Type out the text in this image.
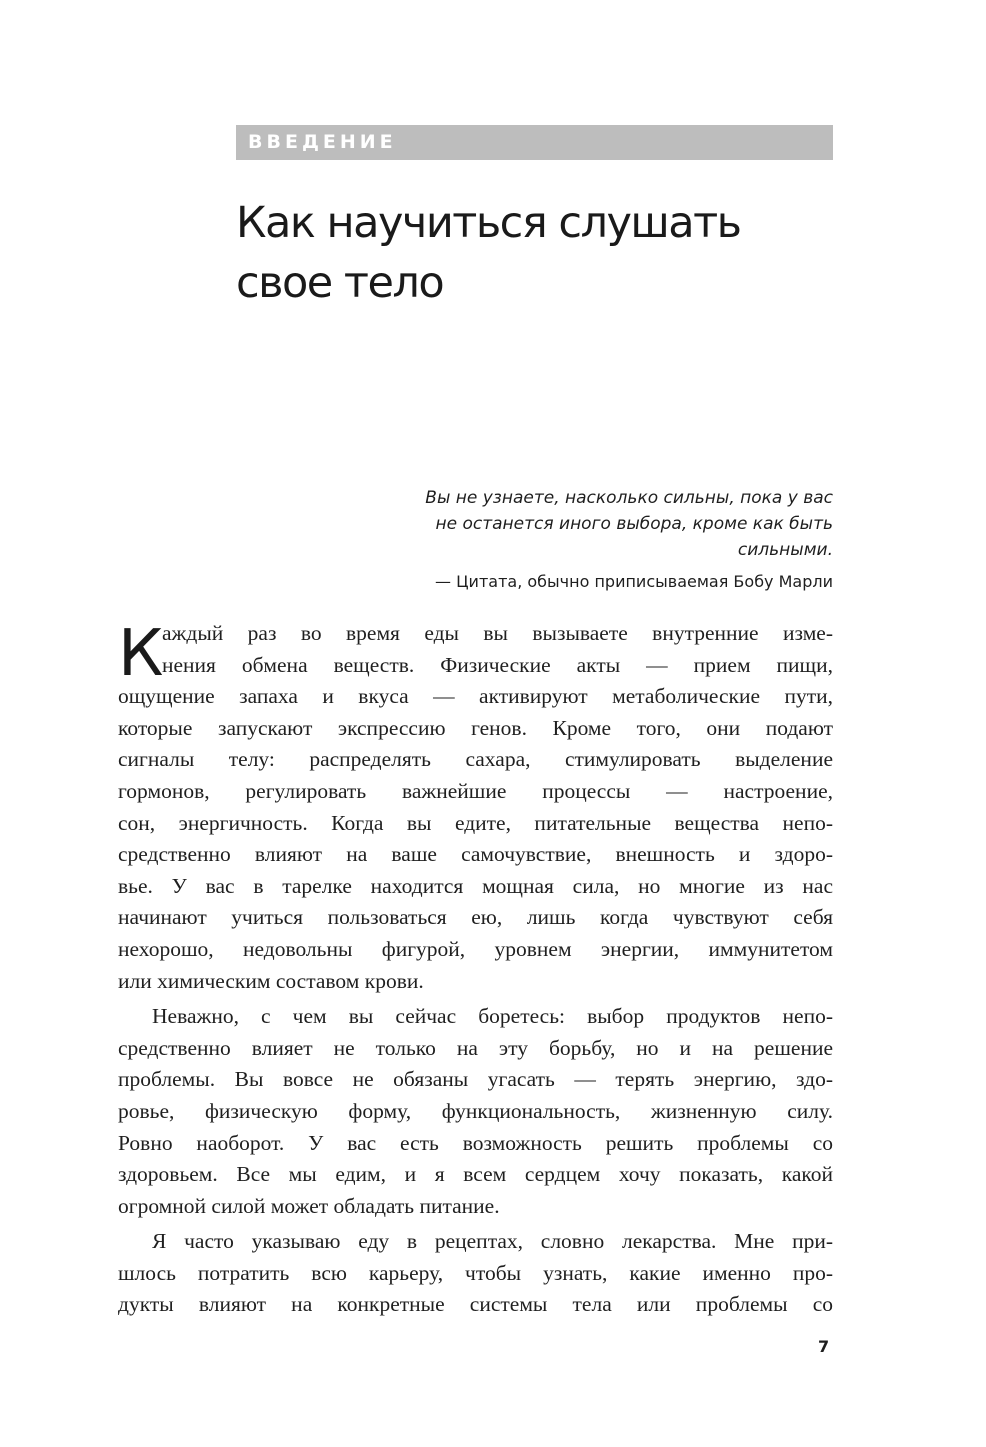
ВВЕДЕНИЕ
Как научиться слушать
свое тело
Вы не узнаете, насколько сильны, пока у вас
не останется иного выбора, кроме как быть
сильными.
— Цитата, обычно приписываемая Бобу Марли
К
аждый раз во время еды вы вызываете внутренние изме-
нения обмена веществ. Физические акты — прием пищи,
ощущение запаха и вкуса — активируют метаболические пути,
которые запускают экспрессию генов. Кроме того, они подают
сигналы телу: распределять сахара, стимулировать выделение
гормонов, регулировать важнейшие процессы — настроение,
сон, энергичность. Когда вы едите, питательные вещества непо-
средственно влияют на ваше самочувствие, внешность и здоро-
вье. У вас в тарелке находится мощная сила, но многие из нас
начинают учиться пользоваться ею, лишь когда чувствуют себя
нехорошо, недовольны фигурой, уровнем энергии, иммунитетом
или химическим составом крови.
Неважно, с чем вы сейчас боретесь: выбор продуктов непо-
средственно влияет не только на эту борьбу, но и на решение
проблемы. Вы вовсе не обязаны угасать — терять энергию, здо-
ровье, физическую форму, функциональность, жизненную силу.
Ровно наоборот. У вас есть возможность решить проблемы со
здоровьем. Все мы едим, и я всем сердцем хочу показать, какой
огромной силой может обладать питание.
Я часто указываю еду в рецептах, словно лекарства. Мне при-
шлось потратить всю карьеру, чтобы узнать, какие именно про-
дукты влияют на конкретные системы тела или проблемы со
7
